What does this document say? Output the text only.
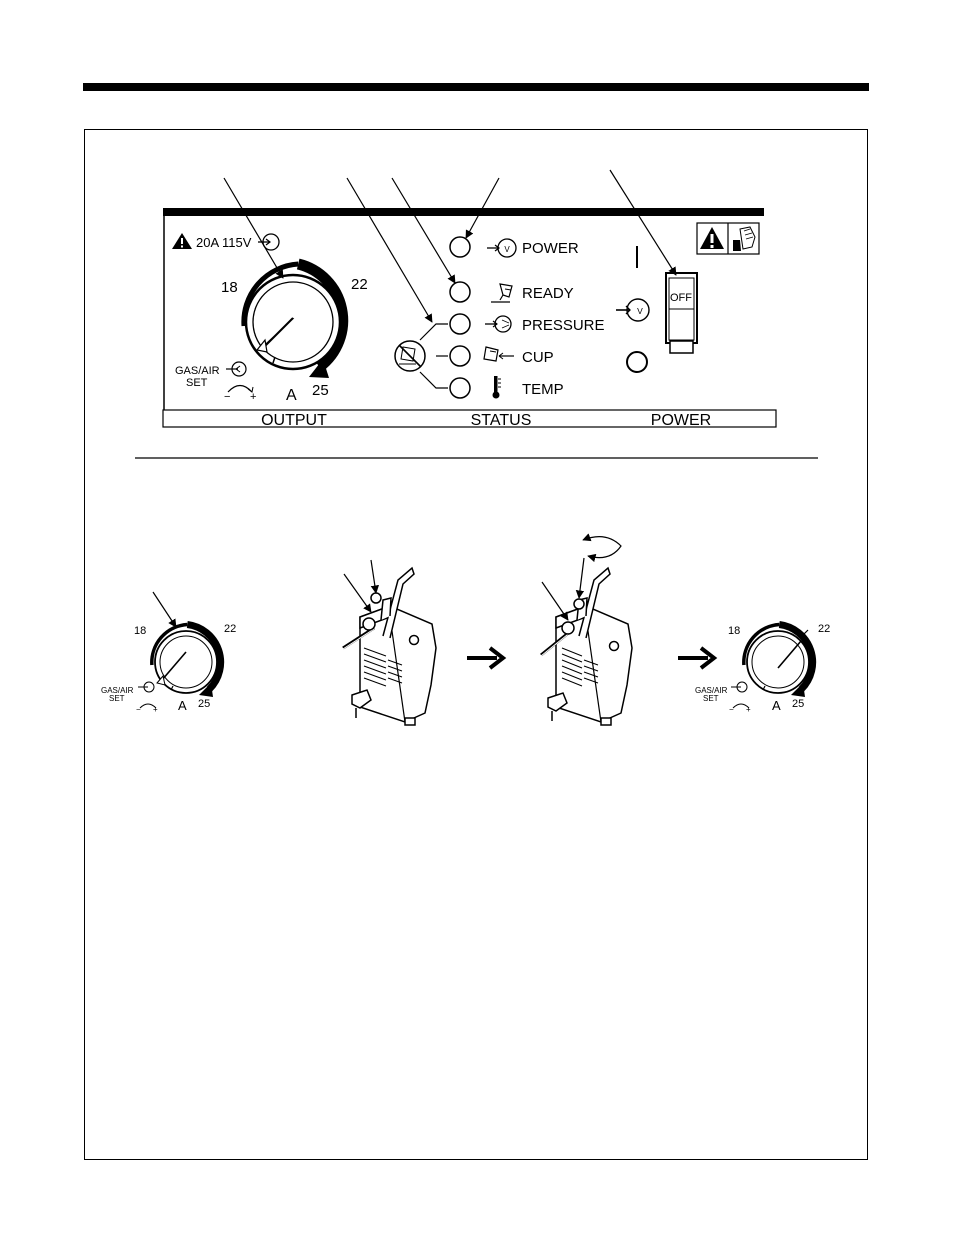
OUTPUT	STATUS	POWER
20A 115V
18	22
25
A
GAS/AIR
SET
− +
V POWER
READY
PRESSURE
CUP
TEMP
V
OFF
18	22
25
A
GAS/AIR
SET
− +
18	22
25
A
GAS/AIR
SET
− +
